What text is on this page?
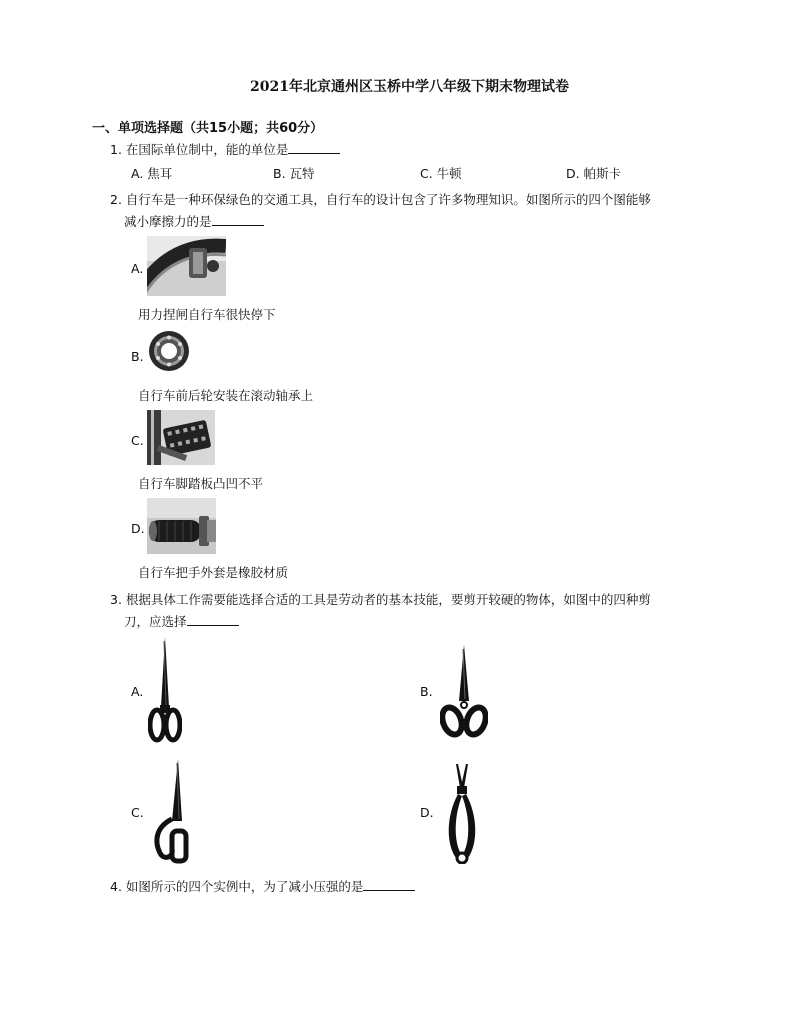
2021年北京通州区玉桥中学八年级下期末物理试卷
一、单项选择题（共15小题；共60分）
1. 在国际单位制中，能的单位是
A. 焦耳	B. 瓦特	C. 牛顿	D. 帕斯卡
2. 自行车是一种环保绿色的交通工具，自行车的设计包含了许多物理知识。如图所示的四个图能够
减小摩擦力的是
A.
用力捏闸自行车很快停下
B.
自行车前后轮安装在滚动轴承上
C.
自行车脚踏板凸凹不平
D.
自行车把手外套是橡胶材质
3. 根据具体工作需要能选择合适的工具是劳动者的基本技能，要剪开较硬的物体，如图中的四种剪
刀，应选择
A.	B.
C.	D.
4. 如图所示的四个实例中，为了减小压强的是
